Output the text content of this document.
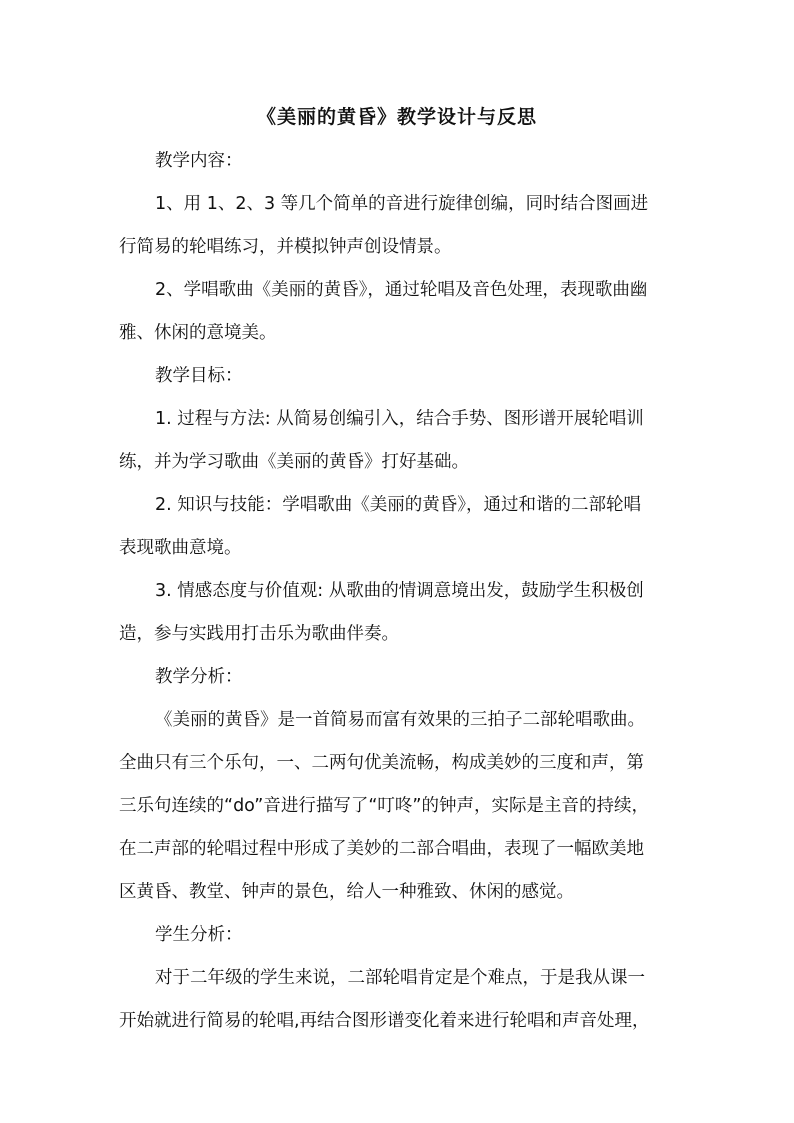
《美丽的黄昏》教学设计与反思
教学内容：
1、用 1、2、3 等几个简单的音进行旋律创编，同时结合图画进
行简易的轮唱练习，并模拟钟声创设情景。
2、学唱歌曲《美丽的黄昏》，通过轮唱及音色处理，表现歌曲幽
雅、休闲的意境美。
教学目标：
1. 过程与方法: 从简易创编引入，结合手势、图形谱开展轮唱训
练，并为学习歌曲《美丽的黄昏》打好基础。
2. 知识与技能：学唱歌曲《美丽的黄昏》，通过和谐的二部轮唱
表现歌曲意境。
3. 情感态度与价值观: 从歌曲的情调意境出发，鼓励学生积极创
造，参与实践用打击乐为歌曲伴奏。
教学分析：
《美丽的黄昏》是一首简易而富有效果的三拍子二部轮唱歌曲。
全曲只有三个乐句，一、二两句优美流畅，构成美妙的三度和声，第
三乐句连续的“do”音进行描写了“叮咚”的钟声，实际是主音的持续，
在二声部的轮唱过程中形成了美妙的二部合唱曲，表现了一幅欧美地
区黄昏、教堂、钟声的景色，给人一种雅致、休闲的感觉。
学生分析：
对于二年级的学生来说，二部轮唱肯定是个难点，于是我从课一
开始就进行简易的轮唱,再结合图形谱变化着来进行轮唱和声音处理，
